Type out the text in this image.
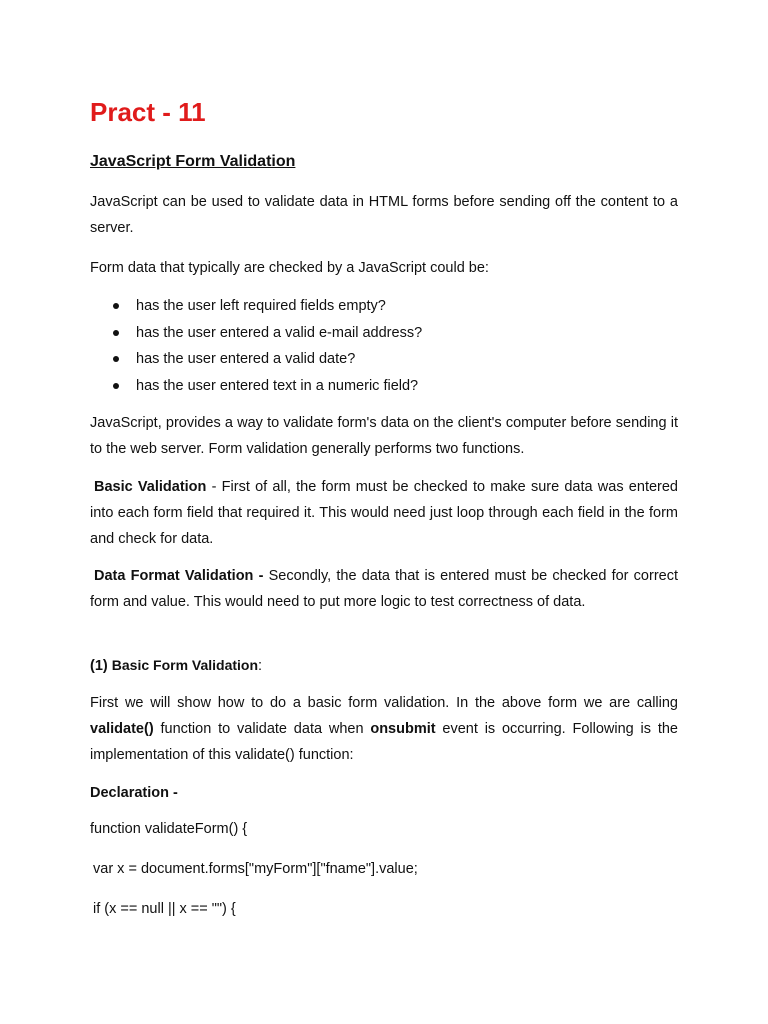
Pract - 11
JavaScript Form Validation
JavaScript can be used to validate data in HTML forms before sending off the content to a server.
Form data that typically are checked by a JavaScript could be:
has the user left required fields empty?
has the user entered a valid e-mail address?
has the user entered a valid date?
has the user entered text in a numeric field?
JavaScript, provides a way to validate form's data on the client's computer before sending it to the web server. Form validation generally performs two functions.
Basic Validation - First of all, the form must be checked to make sure data was entered into each form field that required it. This would need just loop through each field in the form and check for data.
Data Format Validation - Secondly, the data that is entered must be checked for correct form and value. This would need to put more logic to test correctness of data.
(1) Basic Form Validation:
First we will show how to do a basic form validation. In the above form we are calling validate() function to validate data when onsubmit event is occurring. Following is the implementation of this validate() function:
Declaration -
function validateForm() {
var x = document.forms["myForm"]["fname"].value;
if (x == null || x == "") {
